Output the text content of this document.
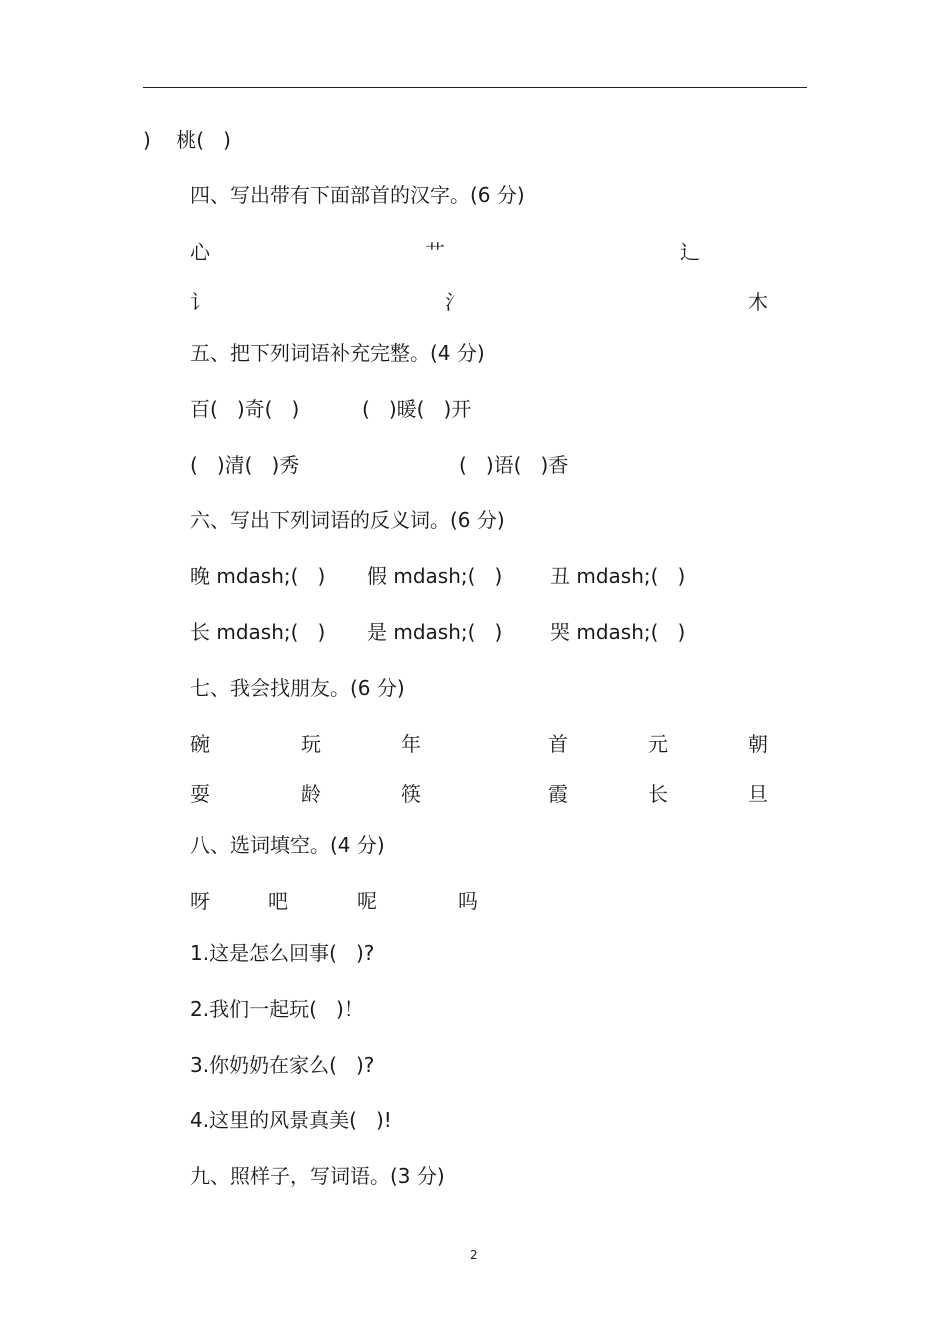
)    桃(   )
四、写出带有下面部首的汉字。(6 分)
心	艹	辶
讠	氵	木
五、把下列词语补充完整。(4 分)
百(   )奇(   )	(   )暖(   )开
(   )清(   )秀	(   )语(   )香
六、写出下列词语的反义词。(6 分)
晚 mdash;(   ) 假 mdash;(   ) 丑 mdash;(   )
长 mdash;(   ) 是 mdash;(   ) 哭 mdash;(   )
七、我会找朋友。(6 分)
碗	玩	年	首	元	朝
耍	龄	筷	霞	长	旦
八、选词填空。(4 分)
呀	吧	呢	吗
1.这是怎么回事(   )?
2.我们一起玩(   )！
3.你奶奶在家么(   )?
4.这里的风景真美(   )!
九、照样子，写词语。(3 分)
2
